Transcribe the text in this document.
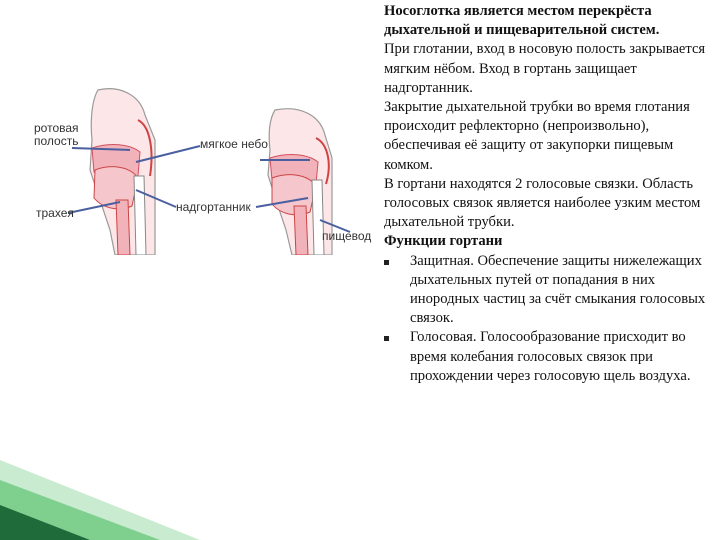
ротовая полость
трахея
мягкое небо
надгортанник
пищевод

Носоглотка является местом перекрёста дыхательной и пищеварительной систем.

При глотании, вход в носовую полость закрывается мягким нёбом. Вход в гортань защищает надгортанник.

Закрытие дыхательной трубки во время глотания происходит рефлекторно (непроизвольно), обеспечивая её защиту от закупорки пищевым комком.

В гортани находятся 2 голосовые связки. Область голосовых связок является наиболее узким местом дыхательной трубки.

Функции гортани

Защитная. Обеспечение защиты нижележащих дыхательных путей от попадания в них инородных частиц за счёт смыкания голосовых связок.
Голосовая. Голосообразование присходит во время колебания голосовых связок при прохождении через голосовую щель воздуха.
